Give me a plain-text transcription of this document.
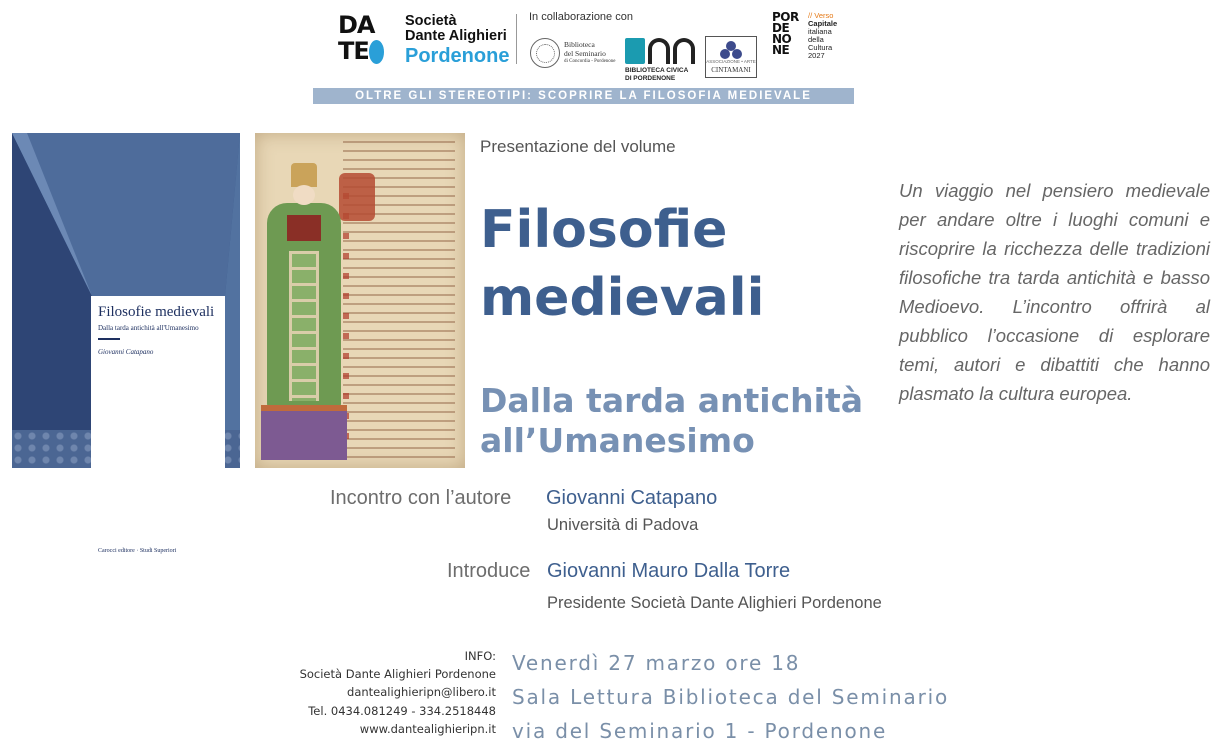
DA
TE
Società
Dante Alighieri
Pordenone
In collaborazione con
Biblioteca
del Seminario
di Concordia - Pordenone
BIBLIOTECA CIVICA
DI PORDENONE
ASSOCIAZIONE • ARTE
CINTAMANI
POR
DE
NO
NE
// Verso
Capitale
italiana
della
Cultura
2027
OLTRE GLI STEREOTIPI: SCOPRIRE LA FILOSOFIA MEDIEVALE
Filosofie medievali
Dalla tarda antichità all'Umanesimo
Giovanni Catapano
Carocci editore · Studi Superiori
Presentazione del volume
Filosofie
medievali
Dalla tarda antichità
all’Umanesimo
Un viaggio nel pensiero medievale per andare oltre i luoghi comuni e riscoprire la ricchezza delle tradizioni filosofiche tra tarda antichità e basso Medioevo. L’incontro offrirà al pubblico l’occasione di esplorare temi, autori e dibattiti che hanno plasmato la cultura europea.
Incontro con l’autore Giovanni Catapano
Università di Padova
Introduce Giovanni Mauro Dalla Torre
Presidente Società Dante Alighieri Pordenone
INFO:
Società Dante Alighieri Pordenone
dantealighieripn@libero.it
Tel. 0434.081249 - 334.2518448
www.dantealighieripn.it
Venerdì 27 marzo ore 18
Sala Lettura Biblioteca del Seminario
via del Seminario 1 - Pordenone
